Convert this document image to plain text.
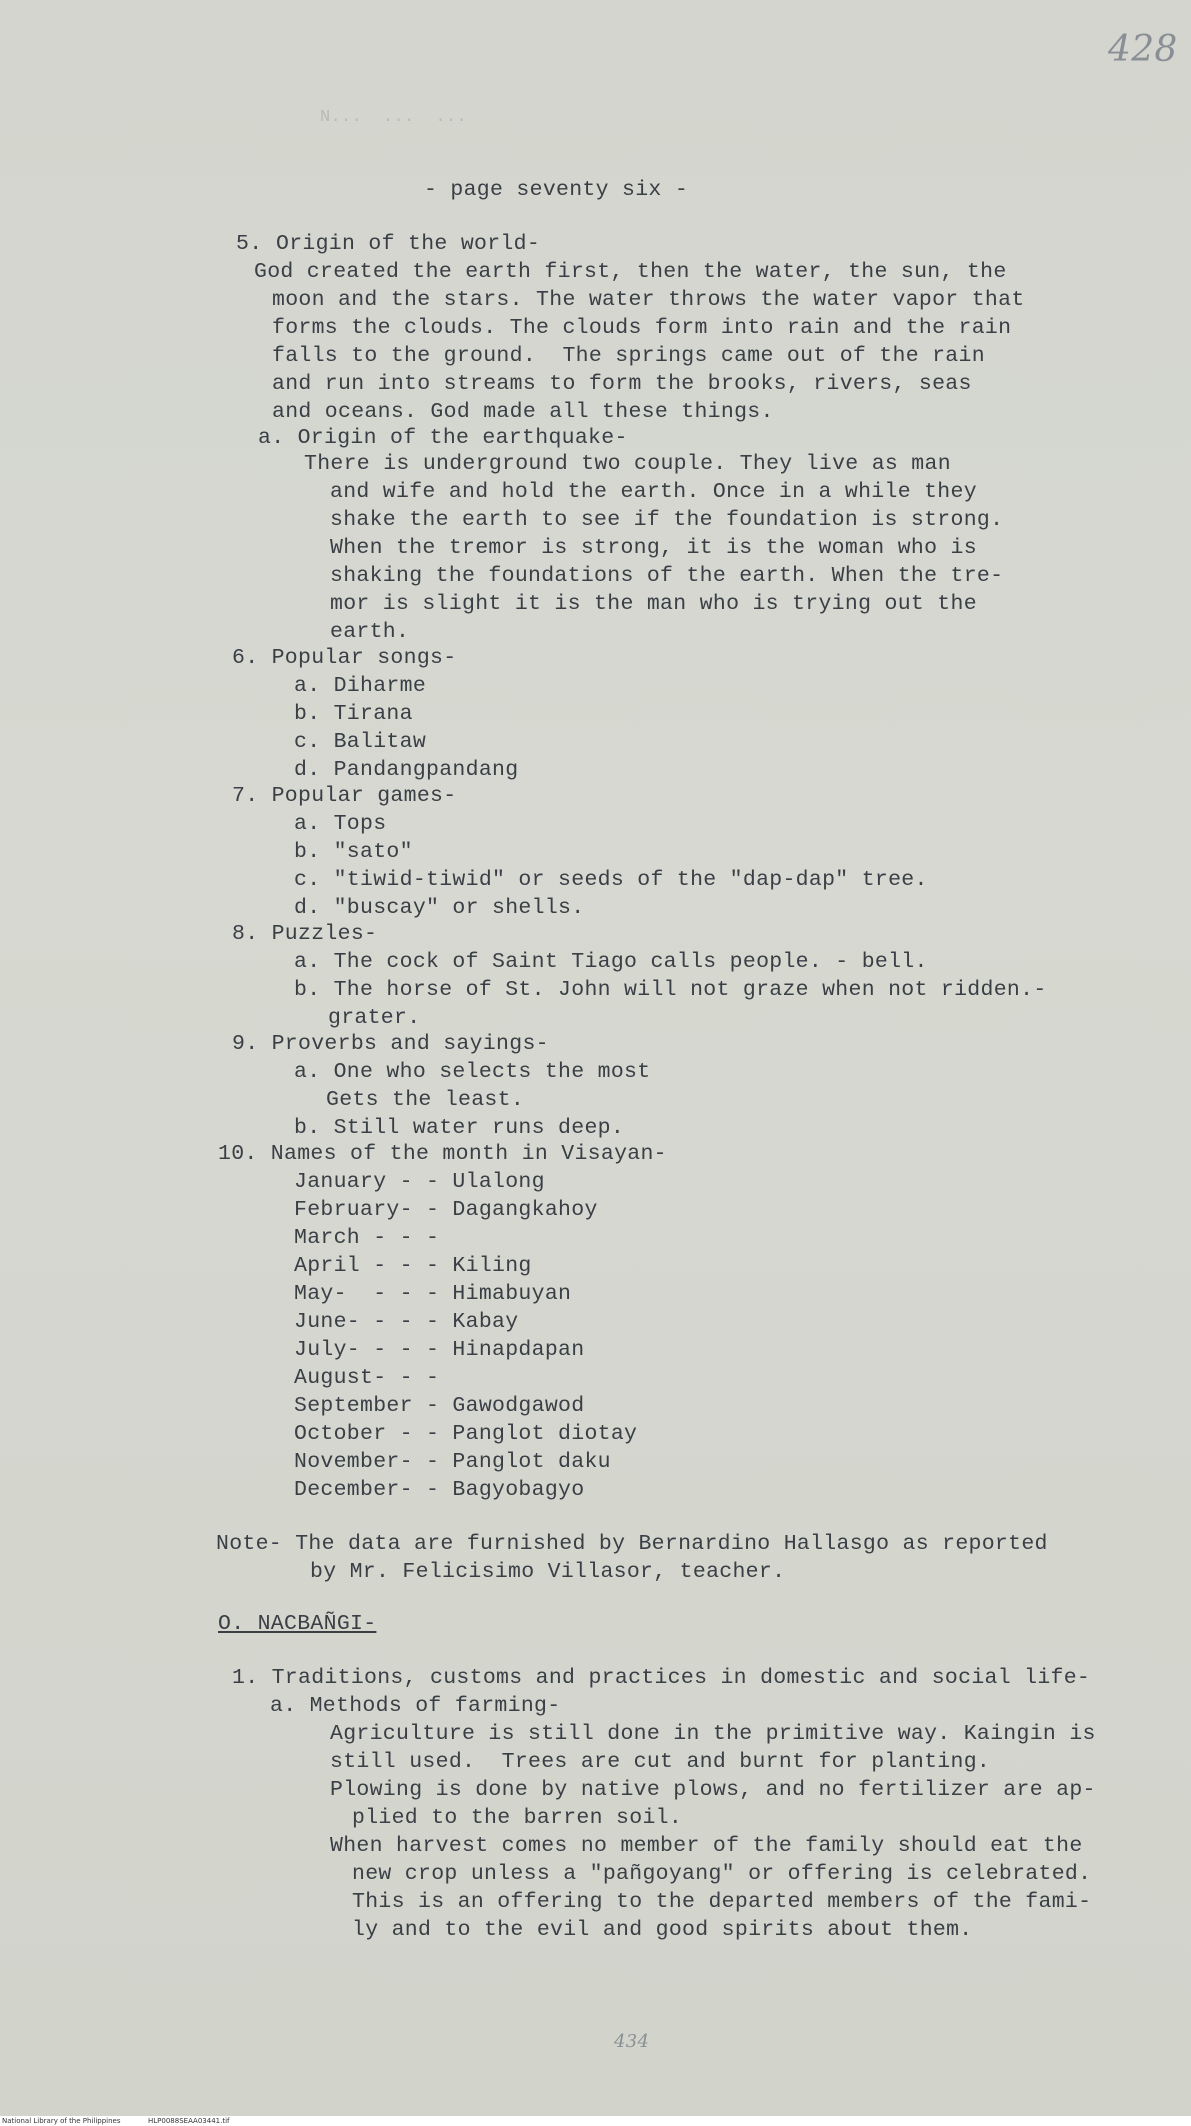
428
N...  ...  ...
- page seventy six -
5. Origin of the world-
God created the earth first, then the water, the sun, the
moon and the stars. The water throws the water vapor that
forms the clouds. The clouds form into rain and the rain
falls to the ground.  The springs came out of the rain
and run into streams to form the brooks, rivers, seas
and oceans. God made all these things.
a. Origin of the earthquake-
There is underground two couple. They live as man
and wife and hold the earth. Once in a while they
shake the earth to see if the foundation is strong.
When the tremor is strong, it is the woman who is
shaking the foundations of the earth. When the tre-
mor is slight it is the man who is trying out the
earth.
6. Popular songs-
a. Diharme
b. Tirana
c. Balitaw
d. Pandangpandang
7. Popular games-
a. Tops
b. "sato"
c. "tiwid-tiwid" or seeds of the "dap-dap" tree.
d. "buscay" or shells.
8. Puzzles-
a. The cock of Saint Tiago calls people. - bell.
b. The horse of St. John will not graze when not ridden.-
grater.
9. Proverbs and sayings-
a. One who selects the most
Gets the least.
b. Still water runs deep.
10. Names of the month in Visayan-
January - - Ulalong
February- - Dagangkahoy
March - - -
April - - - Kiling
May-  - - - Himabuyan
June- - - - Kabay
July- - - - Hinapdapan
August- - -
September - Gawodgawod
October - - Panglot diotay
November- - Panglot daku
December- - Bagyobagyo
Note- The data are furnished by Bernardino Hallasgo as reported
by Mr. Felicisimo Villasor, teacher.
O. NACBAÑGI-
1. Traditions, customs and practices in domestic and social life-
a. Methods of farming-
Agriculture is still done in the primitive way. Kaingin is
still used.  Trees are cut and burnt for planting.
Plowing is done by native plows, and no fertilizer are ap-
plied to the barren soil.
When harvest comes no member of the family should eat the
new crop unless a "pañgoyang" or offering is celebrated.
This is an offering to the departed members of the fami-
ly and to the evil and good spirits about them.
434
National Library of the Philippines	HLP0088SEAA03441.tif
